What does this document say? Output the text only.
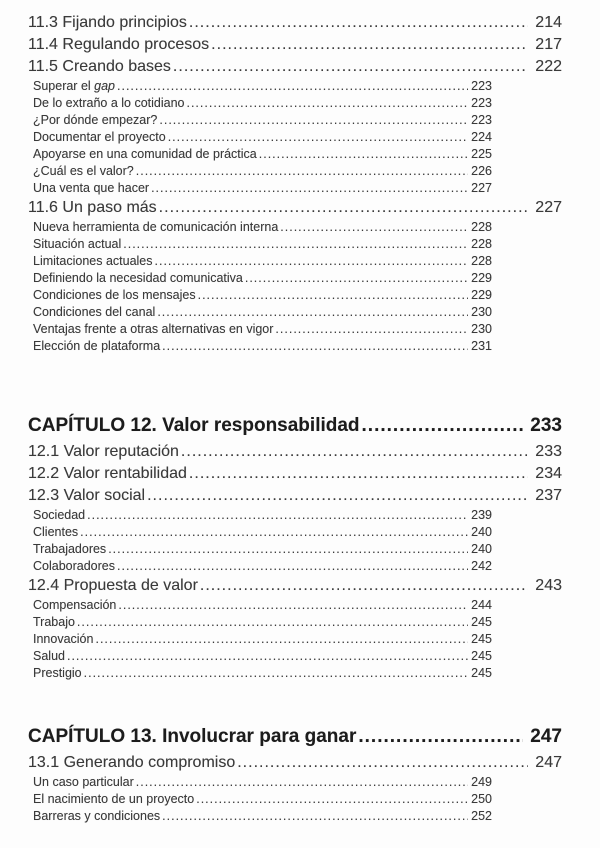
11.3 Fijando principios .....	214
11.4 Regulando procesos .....	217
11.5 Creando bases .....	222
Superar el gap .....	223
De lo extraño a lo cotidiano .....	223
¿Por dónde empezar? .....	223
Documentar el proyecto .....	224
Apoyarse en una comunidad de práctica .....	225
¿Cuál es el valor? .....	226
Una venta que hacer .....	227
11.6 Un paso más .....	227
Nueva herramienta de comunicación interna .....	228
Situación actual .....	228
Limitaciones actuales .....	228
Definiendo la necesidad comunicativa .....	229
Condiciones de los mensajes .....	229
Condiciones del canal .....	230
Ventajas frente a otras alternativas en vigor .....	230
Elección de plataforma .....	231
CAPÍTULO 12. Valor responsabilidad .....	233
12.1 Valor reputación .....	233
12.2 Valor rentabilidad .....	234
12.3 Valor social .....	237
Sociedad .....	239
Clientes .....	240
Trabajadores .....	240
Colaboradores .....	242
12.4 Propuesta de valor .....	243
Compensación .....	244
Trabajo .....	245
Innovación .....	245
Salud .....	245
Prestigio .....	245
CAPÍTULO 13. Involucrar para ganar .....	247
13.1 Generando compromiso .....	247
Un caso particular .....	249
El nacimiento de un proyecto .....	250
Barreras y condiciones .....	252
